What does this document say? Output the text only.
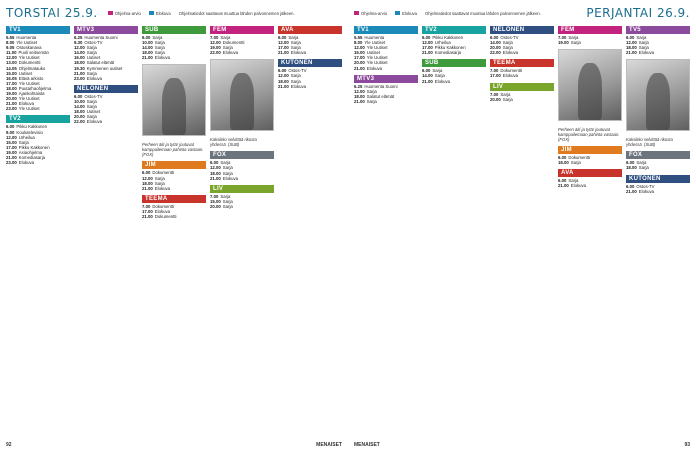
TORSTAI 25.9.	Ohjelma-arvio	Elokuva Ohjelmatiedot saattavat muuttua lähden palvonnemen jälkeen.
TV1
5.55 Huomenta
8.00 Yle Uutiset
9.05 Ostoskanava
11.00 Puoli seitsemän
12.00 Yle Uutiset
13.00 Dokumentti
14.05 Ohjelmatauko
15.00 Uutiset
16.05 Elävä arkisto
17.00 Yle Uutiset
18.00 Puutarhaohjelma
19.00 Ajankohtaista
20.00 Yle Uutiset
21.00 Elokuva
23.00 Yle Uutiset
TV2
6.00 Pikku Kakkonen
9.00 Koulutelevisio
12.00 Urheilua
15.00 Sarja
17.00 Pikku Kakkonen
19.00 Asiaohjelma
21.00 Komediasarja
23.00 Elokuva
MTV3
6.25 Huomenta Suomi
9.30 Ostos-TV
12.00 Sarja
14.00 Sarja
16.00 Uutiset
18.00 Salatut elämät
19.30 Kymmenen uutiset
21.00 Sarja
23.00 Elokuva
NELONEN
6.00 Ostos-TV
10.00 Sarja
14.00 Sarja
18.00 Uutiset
20.00 Sarja
22.00 Elokuva
SUB
6.00 Sarja
10.00 Sarja
14.00 Sarja
18.00 Sarja
21.00 Elokuva
Perheen äiti ja tytär joutuvat kamppailemaan pahinta vastaan. (FOX)
JIM
6.00 Dokumentti
12.00 Sarja
18.00 Sarja
21.00 Elokuva
TEEMA
7.00 Dokumentti
17.00 Elokuva
21.00 Dokumentti
FEM
7.00 Sarja
12.00 Dokumentti
19.00 Sarja
22.00 Elokuva
Kaksikko selvittää rikosta yhdessä. (SUB)
FOX
6.00 Sarja
12.00 Sarja
18.00 Sarja
21.00 Elokuva
LIV
7.00 Sarja
15.00 Sarja
20.00 Sarja
AVA
6.00 Sarja
12.00 Sarja
17.00 Sarja
21.00 Elokuva
KUTONEN
6.00 Ostos-TV
12.00 Sarja
18.00 Sarja
21.00 Elokuva
92	MENAISET
Ohjelma-arvio	Elokuva Ohjelmatiedot saattavat muuttua lähden palvonnemen jälkeen.	PERJANTAI 26.9.
TV1
5.55 Huomenta
8.00 Yle Uutiset
12.00 Yle Uutiset
15.00 Uutiset
17.00 Yle Uutiset
20.00 Yle Uutiset
21.00 Elokuva
MTV3
6.25 Huomenta Suomi
12.00 Sarja
18.00 Salatut elämät
21.00 Sarja
TV2
6.00 Pikku Kakkonen
12.00 Urheilua
17.00 Pikku Kakkonen
21.00 Komediasarja
SUB
6.00 Sarja
14.00 Sarja
21.00 Elokuva
NELONEN
6.00 Ostos-TV
14.00 Sarja
20.00 Sarja
22.00 Elokuva
TEEMA
7.00 Dokumentti
17.00 Elokuva
LIV
7.00 Sarja
20.00 Sarja
FEM
7.00 Sarja
19.00 Sarja
Perheen äiti ja tytär joutuvat kamppailemaan pahinta vastaan. (FOX)
JIM
6.00 Dokumentti
18.00 Sarja
AVA
6.00 Sarja
21.00 Elokuva
TV5
6.00 Sarja
12.00 Sarja
18.00 Sarja
21.00 Elokuva
Kaksikko selvittää rikosta yhdessä. (SUB)
FOX
6.00 Sarja
18.00 Sarja
KUTONEN
6.00 Ostos-TV
21.00 Elokuva
MENAISET	93
